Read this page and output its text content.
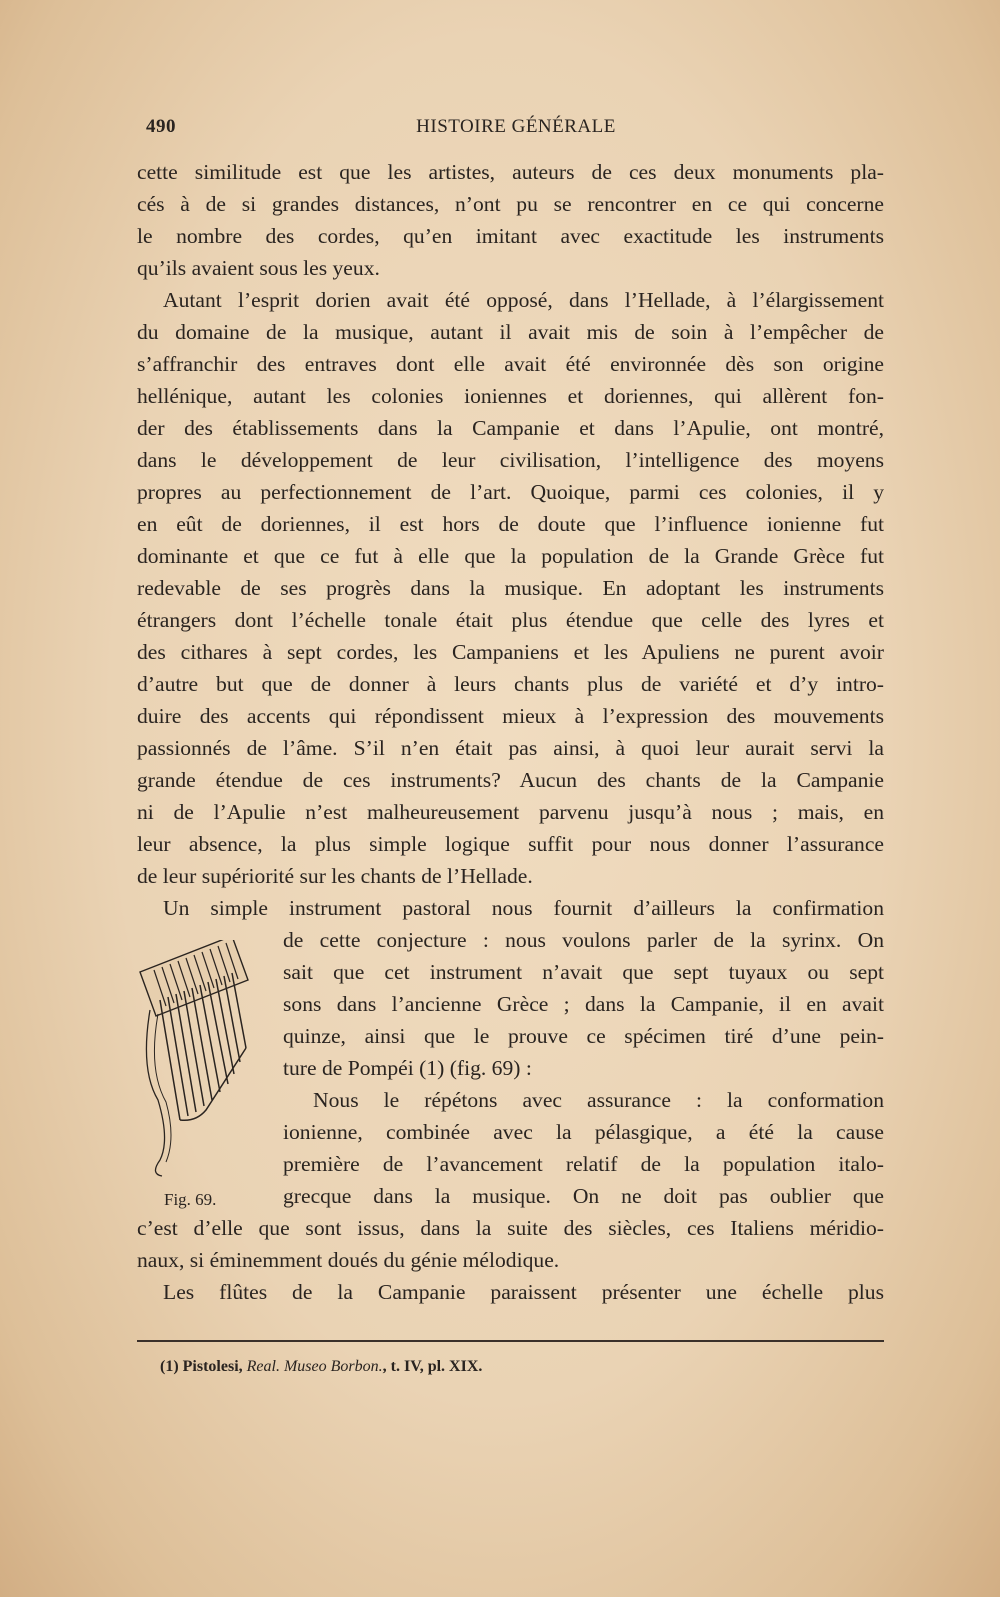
490	HISTOIRE GÉNÉRALE
cette similitude est que les artistes, auteurs de ces deux monuments pla-
cés à de si grandes distances, n’ont pu se rencontrer en ce qui concerne
le nombre des cordes, qu’en imitant avec exactitude les instruments
qu’ils avaient sous les yeux.
Autant l’esprit dorien avait été opposé, dans l’Hellade, à l’élargissement
du domaine de la musique, autant il avait mis de soin à l’empêcher de
s’affranchir des entraves dont elle avait été environnée dès son origine
hellénique, autant les colonies ioniennes et doriennes, qui allèrent fon-
der des établissements dans la Campanie et dans l’Apulie, ont montré,
dans le développement de leur civilisation, l’intelligence des moyens
propres au perfectionnement de l’art. Quoique, parmi ces colonies, il y
en eût de doriennes, il est hors de doute que l’influence ionienne fut
dominante et que ce fut à elle que la population de la Grande Grèce fut
redevable de ses progrès dans la musique. En adoptant les instruments
étrangers dont l’échelle tonale était plus étendue que celle des lyres et
des cithares à sept cordes, les Campaniens et les Apuliens ne purent avoir
d’autre but que de donner à leurs chants plus de variété et d’y intro-
duire des accents qui répondissent mieux à l’expression des mouvements
passionnés de l’âme. S’il n’en était pas ainsi, à quoi leur aurait servi la
grande étendue de ces instruments? Aucun des chants de la Campanie
ni de l’Apulie n’est malheureusement parvenu jusqu’à nous ; mais, en
leur absence, la plus simple logique suffit pour nous donner l’assurance
de leur supériorité sur les chants de l’Hellade.
Un simple instrument pastoral nous fournit d’ailleurs la confirmation
de cette conjecture : nous voulons parler de la syrinx. On
sait que cet instrument n’avait que sept tuyaux ou sept
sons dans l’ancienne Grèce ; dans la Campanie, il en avait
quinze, ainsi que le prouve ce spécimen tiré d’une pein-
ture de Pompéi (1) (fig. 69) :
Nous le répétons avec assurance : la conformation
ionienne, combinée avec la pélasgique, a été la cause
première de l’avancement relatif de la population italo-
grecque dans la musique. On ne doit pas oublier que
c’est d’elle que sont issus, dans la suite des siècles, ces Italiens méridio-
naux, si éminemment doués du génie mélodique.
Les flûtes de la Campanie paraissent présenter une échelle plus
Fig. 69.
(1) Pistolesi, Real. Museo Borbon., t. IV, pl. XIX.
